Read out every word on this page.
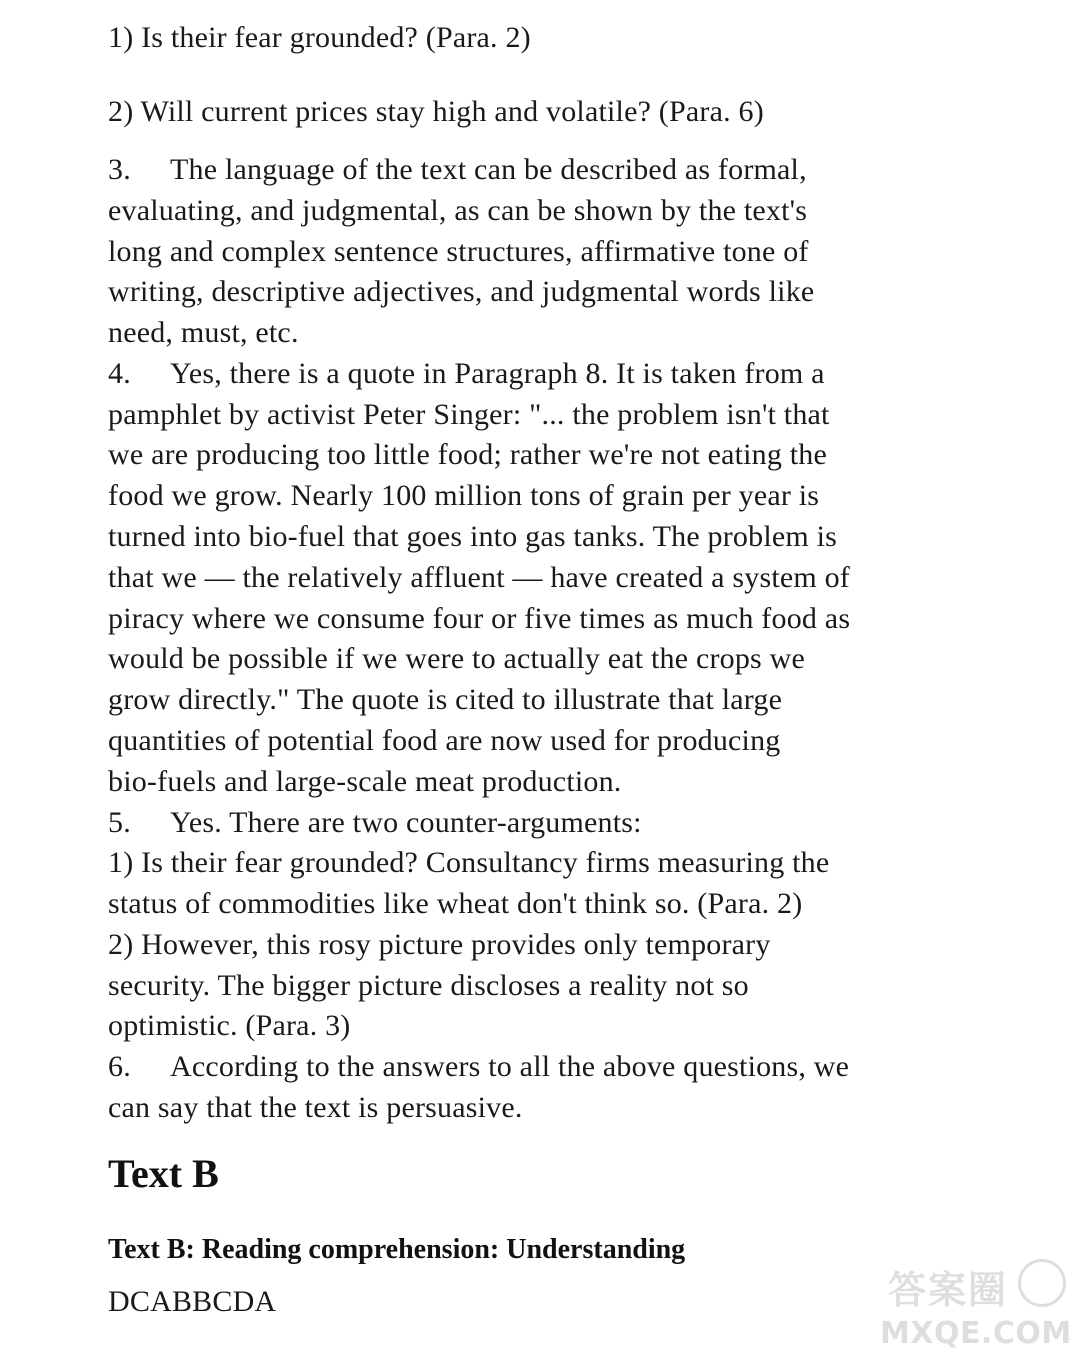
1) Is their fear grounded? (Para. 2)
2) Will current prices stay high and volatile? (Para. 6)
3. The language of the text can be described as formal,
evaluating, and judgmental, as can be shown by the text's
long and complex sentence structures, affirmative tone of
writing, descriptive adjectives, and judgmental words like
need, must, etc.
4. Yes, there is a quote in Paragraph 8. It is taken from a
pamphlet by activist Peter Singer: "... the problem isn't that
we are producing too little food; rather we're not eating the
food we grow. Nearly 100 million tons of grain per year is
turned into bio-fuel that goes into gas tanks. The problem is
that we — the relatively affluent — have created a system of
piracy where we consume four or five times as much food as
would be possible if we were to actually eat the crops we
grow directly." The quote is cited to illustrate that large
quantities of potential food are now used for producing
bio-fuels and large-scale meat production.
5. Yes. There are two counter-arguments:
1) Is their fear grounded? Consultancy firms measuring the
status of commodities like wheat don't think so. (Para. 2)
2) However, this rosy picture provides only temporary
security. The bigger picture discloses a reality not so
optimistic. (Para. 3)
6. According to the answers to all the above questions, we
can say that the text is persuasive.
Text B
Text B: Reading comprehension: Understanding
DCABBCDA	答案圈
MXQE.COM
